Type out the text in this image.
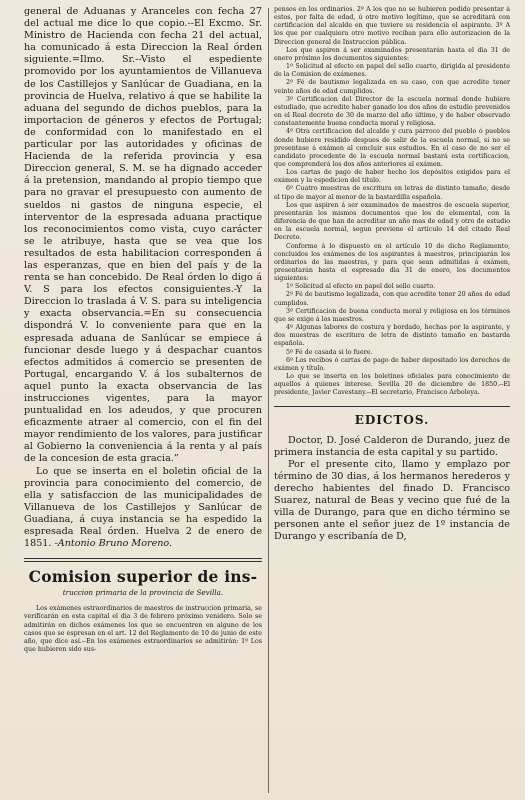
general de Aduanas y Aranceles con fecha 27 del actual me dice lo que copio.--El Excmo. Sr. Ministro de Hacienda con fecha 21 del actual, ha comunicado á esta Direccion la Real órden siguiente.=Ilmo. Sr.--Visto el espediente promovido por los ayuntamientos de Villanueva de los Castillejos y Sanlúcar de Guadiana, en la provincia de Huelva, relativo á que se habilite la aduana del segundo de dichos pueblos, para la importacion de géneros y efectos de Portugal; de conformidad con lo manifestado en el particular por las autoridades y oficinas de Hacienda de la referida provincia y esa Direccion general, S. M. se ha dignado acceder á la pretension, mandando al propio tiempo que para no gravar el presupuesto con aumento de sueldos ni gastos de ninguna especie, el interventor de la espresada aduana practique los reconocimientos como vista, cuyo carácter se le atribuye, hasta que se vea que los resultados de esta habilitacion corresponden á las esperanzas, que en bien del país y de la renta se han concebido. De Real órden lo digo á V. S para los efectos consiguientes.-Y la Direccion lo traslada á V. S. para su inteligencia y exacta observancia.=En su consecuencia dispondrá V. lo conveniente para que en la espresada aduana de Sanlúcar se empiece á funcionar desde luego y á despachar cuantos efectos admitidos á comercio se presenten de Portugal, encargando V. á los subalternos de aquel punto la exacta observancia de las instrucciones vigentes, para la mayor puntualidad en los adeudos, y que procuren eficazmente atraer al comercio, con el fin del mayor rendimiento de los valores, para justificar al Gobierno la conveniencia á la renta y al país de la concesion de esta gracia.”

Lo que se inserta en el boletin oficial de la provincia para conocimiento del comercio, de ella y satisfaccion de las municipalidades de Villanueva de los Castillejos y Sanlúcar de Guadiana, á cuya instancia se ha espedido la espresada Real órden. Huelva 2 de enero de 1851. -Antonio Bruno Moreno.

Comision superior de ins-
truccion primaria de la provincia de Sevilla.

Los exámenes estraordinarios de maestros de instruccion primaria, se verificarán en esta capital el dia 3 de febrero próximo venidero. Solo se admitirán en dichos exámenes los que se encuentren en alguno de los casos que se espresan en el art. 12 del Reglamento de 10 de junio de este año, que dice así.--En los exámenes estraordinarios se admitirán: 1º Los que hubieren sido sus-

pensos en los ordinarios. 2º A los que no se hubieren podido presentar á estos, por falta de edad, ú otro motivo legítimo, que se acreditará con certificacion del alcalde en que tuviere su residencia el aspirante. 3º A los que por cualquiera otro motivo reciban para ello autorizacion de la Direccion general de Instruccion pública.

Los que aspiren á ser examinados presentarán hasta el dia 31 de enero próximo los documentos siguientes:

1º Solicitud al efecto en papel del sello cuarto, dirigida al presidente de la Comision de exámenes.

2º Fé de bautismo legalizada en su caso, con que acredite tener veinte años de edad cumplidos.

3º Certificacion del Director de la escuela normal donde hubiere estudiado, que acredite haber ganado los dos años de estudio prevenidos en el Real decreto de 30 de marzo del año último, y de haber observado constantemente buena conducta moral y religiosa.

4º Otra certificacion del alcalde y cura párroco del pueblo ó pueblos donde hubiere residido despues de salir de la escuela normal, si no se presentase á exámen al concluir sus estudios. En el caso de no ser el candidato procedente de la escuela normal bastará esta certificacion, que comprenderá los dos años anteriores al exámen.

Los cartas de pago de haber hecho los depósitos exigidos para el exámen y la espedicion del título.

6º Cuatro muestras de escritura en letras de distinto tamaño, desde el tipo de mayor al menor de la bastardilla española.

Los que aspiren á ser examinados de maestros de escuela superior, presentarán los mismos documentos que los de elemental, con la diferencia de que han de acreditar un año mas de edad y otro de estudio en la escuela normal, segun previene el artículo 14 del citado Real Decreto.

Conforme á lo dispuesto en el artículo 10 de dicho Reglamento, concluidos los exámenes de los aspirantes á maestros, principiarán los ordinarios de las maestras, y para que sean admitidas á exámen, presentarán hasta el espresado dia 31 de enero, los documentos siguientes:

1º Solicitud al efecto en papel del sello cuarto.

2º Fé de bautismo legalizada, con que acredite tener 20 años de edad cumplidos.

3º Certificacion de buena conducta moral y religiosa en los términos que se exige á los maestros.

4º Algunas labores de costura y bordado, hechas por la aspirante, y dos muestras de escritura de letra de distinto tamaño en bastarda española.

5º Fé de casada si lo fuere.

6º Los recibos ó cartas de pago de haber depositado los derechos de exámen y título.

Lo que se inserta en los boletines oficiales para conocimiento de aquellos á quienes interese. Sevilla 20 de diciembre de 1850.--El presidente, Javier Cavestany.--El secretario, Francisco Arboleya.

EDICTOS.

Doctor, D. José Calderon de Durando, juez de primera instancia de esta capital y su partido.

Por el presente cito, llamo y emplazo por término de 30 dias, á los hermanos herederos y derecho habientes del finado D. Francisco Suarez, natural de Beas y vecino que fué de la villa de Durango, para que en dicho término se personen ante el señor juez de 1º instancia de Durango y escribanía de D,
